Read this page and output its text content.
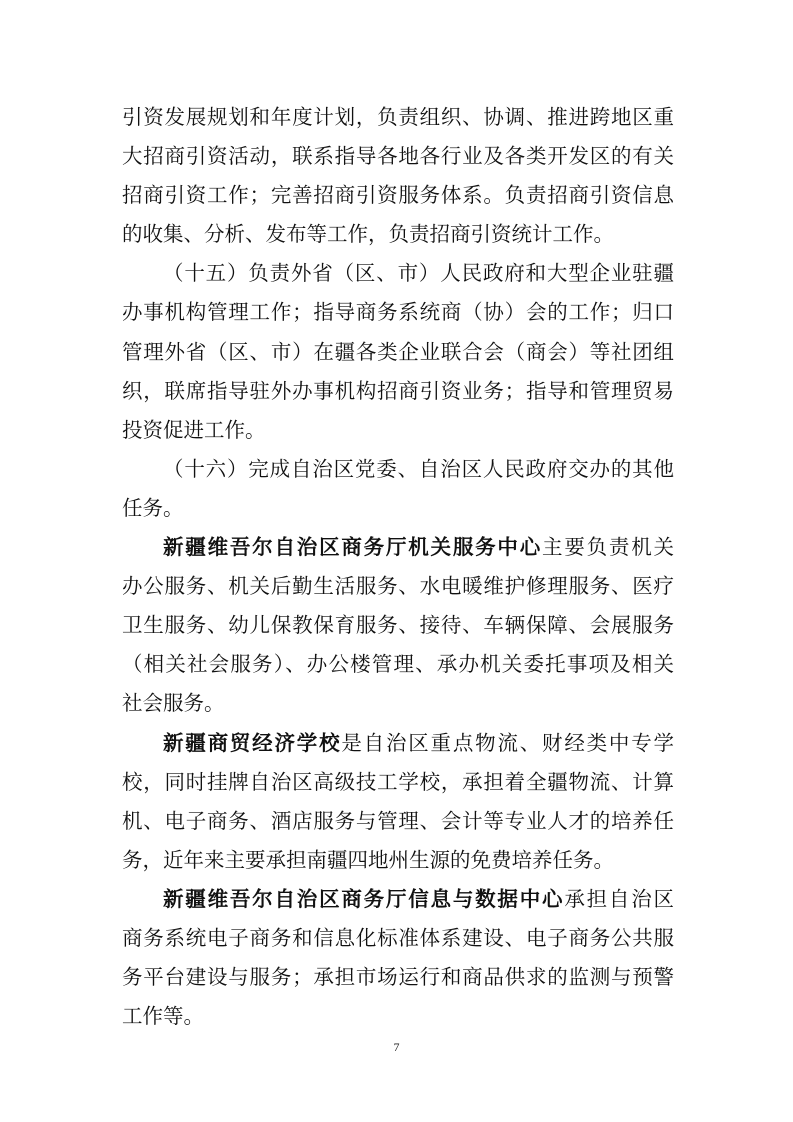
引资发展规划和年度计划，负责组织、协调、推进跨地区重
大招商引资活动，联系指导各地各行业及各类开发区的有关
招商引资工作；完善招商引资服务体系。负责招商引资信息
的收集、分析、发布等工作，负责招商引资统计工作。
（十五）负责外省（区、市）人民政府和大型企业驻疆
办事机构管理工作；指导商务系统商（协）会的工作；归口
管理外省（区、市）在疆各类企业联合会（商会）等社团组
织，联席指导驻外办事机构招商引资业务；指导和管理贸易
投资促进工作。
（十六）完成自治区党委、自治区人民政府交办的其他
任务。
新疆维吾尔自治区商务厅机关服务中心主要负责机关
办公服务、机关后勤生活服务、水电暖维护修理服务、医疗
卫生服务、幼儿保教保育服务、接待、车辆保障、会展服务
（相关社会服务）、办公楼管理、承办机关委托事项及相关
社会服务。
新疆商贸经济学校是自治区重点物流、财经类中专学
校，同时挂牌自治区高级技工学校，承担着全疆物流、计算
机、电子商务、酒店服务与管理、会计等专业人才的培养任
务，近年来主要承担南疆四地州生源的免费培养任务。
新疆维吾尔自治区商务厅信息与数据中心承担自治区
商务系统电子商务和信息化标准体系建设、电子商务公共服
务平台建设与服务；承担市场运行和商品供求的监测与预警
工作等。
7
